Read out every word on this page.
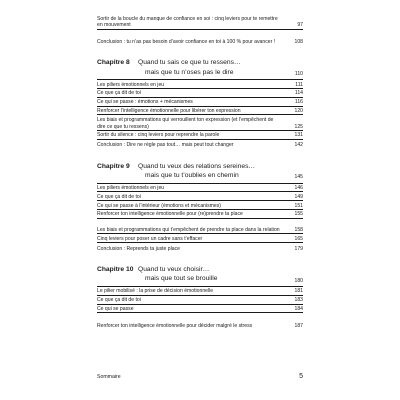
Sortir de la boucle du manque de confiance en soi : cinq leviers pour te remettre en mouvement	97
Conclusion : tu n’as pas besoin d’avoir confiance en toi à 100 % pour avancer !	108
Chapitre 8	Quand tu sais ce que tu ressens…
mais que tu n’oses pas le dire	110
Les piliers émotionnels en jeu	111
Ce que ça dit de toi	114
Ce qui se passe : émotions + mécanismes	116
Renforcer l’intelligence émotionnelle pour libérer ton expression	120
Les biais et programmations qui verrouillent ton expression (et l’empêchent de dire ce que tu ressens)	125
Sortir du silence : cinq leviers pour reprendre la parole	131
Conclusion : Dire ne règle pas tout… mais peut tout changer	142
Chapitre 9	Quand tu veux des relations sereines…
mais que tu t’oublies en chemin	145
Les piliers émotionnels en jeu	146
Ce que ça dit de toi	149
Ce qui se passe à l’intérieur (émotions et mécanismes)	151
Renforcer ton intelligence émotionnelle pour (re)prendre ta place	155
Les biais et programmations qui t’empêchent de prendre ta place dans la relation	158
Cinq leviers pour poser un cadre sans t’effacer	165
Conclusion : Reprends ta juste place	179
Chapitre 10 Quand tu veux choisir…
mais que tout se brouille	180
Le pilier mobilisé : la prise de décision émotionnelle	181
Ce que ça dit de toi	183
Ce qui se passe	184
Renforcer ton intelligence émotionnelle pour décider malgré le stress	187
Sommaire	5
